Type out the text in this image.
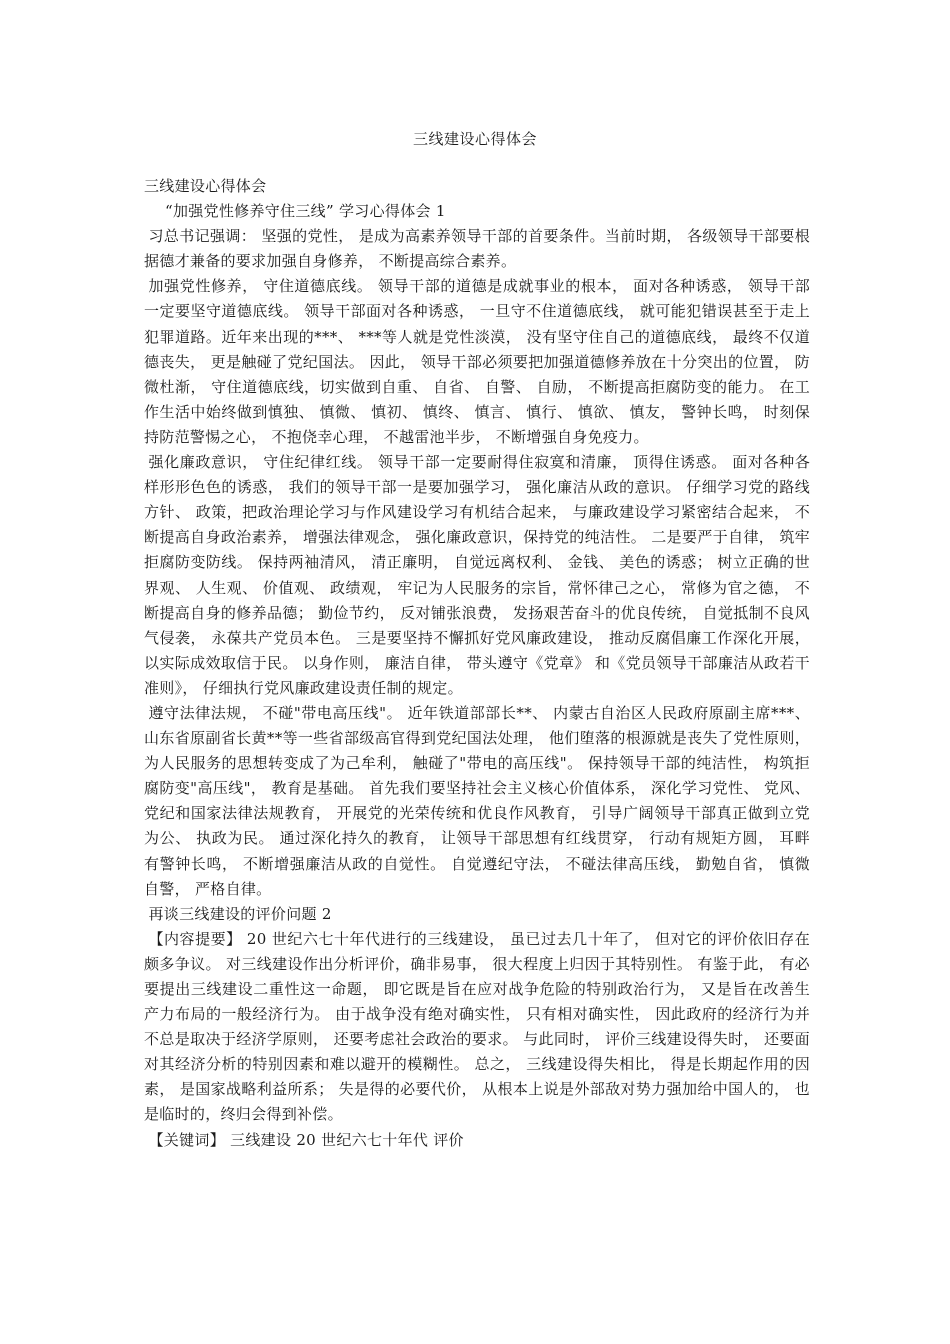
三线建设心得体会

三线建设心得体会

“加强党性修养守住三线” 学习心得体会 1

习总书记强调： 坚强的党性， 是成为高素养领导干部的首要条件。当前时期， 各级领导干部要根据德才兼备的要求加强自身修养， 不断提高综合素养。

加强党性修养， 守住道德底线。 领导干部的道德是成就事业的根本， 面对各种诱惑， 领导干部一定要坚守道德底线。 领导干部面对各种诱惑， 一旦守不住道德底线， 就可能犯错误甚至于走上犯罪道路。近年来出现的***、 ***等人就是党性淡漠， 没有坚守住自己的道德底线， 最终不仅道德丧失， 更是触碰了党纪国法。 因此， 领导干部必须要把加强道德修养放在十分突出的位置， 防微杜渐， 守住道德底线，切实做到自重、 自省、 自警、 自励， 不断提高拒腐防变的能力。 在工作生活中始终做到慎独、 慎微、 慎初、 慎终、 慎言、 慎行、 慎欲、 慎友， 警钟长鸣， 时刻保持防范警惕之心， 不抱侥幸心理， 不越雷池半步， 不断增强自身免疫力。

强化廉政意识， 守住纪律红线。 领导干部一定要耐得住寂寞和清廉， 顶得住诱惑。 面对各种各样形形色色的诱惑， 我们的领导干部一是要加强学习， 强化廉洁从政的意识。 仔细学习党的路线方针、 政策，把政治理论学习与作风建设学习有机结合起来， 与廉政建设学习紧密结合起来， 不断提高自身政治素养， 增强法律观念， 强化廉政意识，保持党的纯洁性。 二是要严于自律， 筑牢拒腐防变防线。 保持两袖清风， 清正廉明， 自觉远离权利、 金钱、 美色的诱惑； 树立正确的世界观、 人生观、 价值观、 政绩观， 牢记为人民服务的宗旨，常怀律己之心， 常修为官之德， 不断提高自身的修养品德； 勤俭节约， 反对铺张浪费， 发扬艰苦奋斗的优良传统， 自觉抵制不良风气侵袭， 永葆共产党员本色。 三是要坚持不懈抓好党风廉政建设， 推动反腐倡廉工作深化开展， 以实际成效取信于民。 以身作则， 廉洁自律， 带头遵守《党章》 和《党员领导干部廉洁从政若干准则》， 仔细执行党风廉政建设责任制的规定。

遵守法律法规， 不碰"带电高压线"。 近年铁道部部长**、 内蒙古自治区人民政府原副主席***、 山东省原副省长黄**等一些省部级高官得到党纪国法处理， 他们堕落的根源就是丧失了党性原则， 为人民服务的思想转变成了为己牟利， 触碰了"带电的高压线"。 保持领导干部的纯洁性， 构筑拒腐防变"高压线"， 教育是基础。 首先我们要坚持社会主义核心价值体系， 深化学习党性、 党风、 党纪和国家法律法规教育， 开展党的光荣传统和优良作风教育， 引导广阔领导干部真正做到立党为公、 执政为民。 通过深化持久的教育， 让领导干部思想有红线贯穿， 行动有规矩方圆， 耳畔有警钟长鸣， 不断增强廉洁从政的自觉性。 自觉遵纪守法， 不碰法律高压线， 勤勉自省， 慎微自警， 严格自律。

再谈三线建设的评价问题 2

【内容提要】 20 世纪六七十年代进行的三线建设， 虽已过去几十年了， 但对它的评价依旧存在颇多争议。 对三线建设作出分析评价，确非易事， 很大程度上归因于其特别性。 有鉴于此， 有必要提出三线建设二重性这一命题， 即它既是旨在应对战争危险的特别政治行为， 又是旨在改善生产力布局的一般经济行为。 由于战争没有绝对确实性， 只有相对确实性， 因此政府的经济行为并不总是取决于经济学原则， 还要考虑社会政治的要求。 与此同时， 评价三线建设得失时， 还要面对其经济分析的特别因素和难以避开的模糊性。 总之， 三线建设得失相比， 得是长期起作用的因素， 是国家战略利益所系； 失是得的必要代价， 从根本上说是外部敌对势力强加给中国人的， 也是临时的，终归会得到补偿。

【关键词】 三线建设 20 世纪六七十年代 评价
